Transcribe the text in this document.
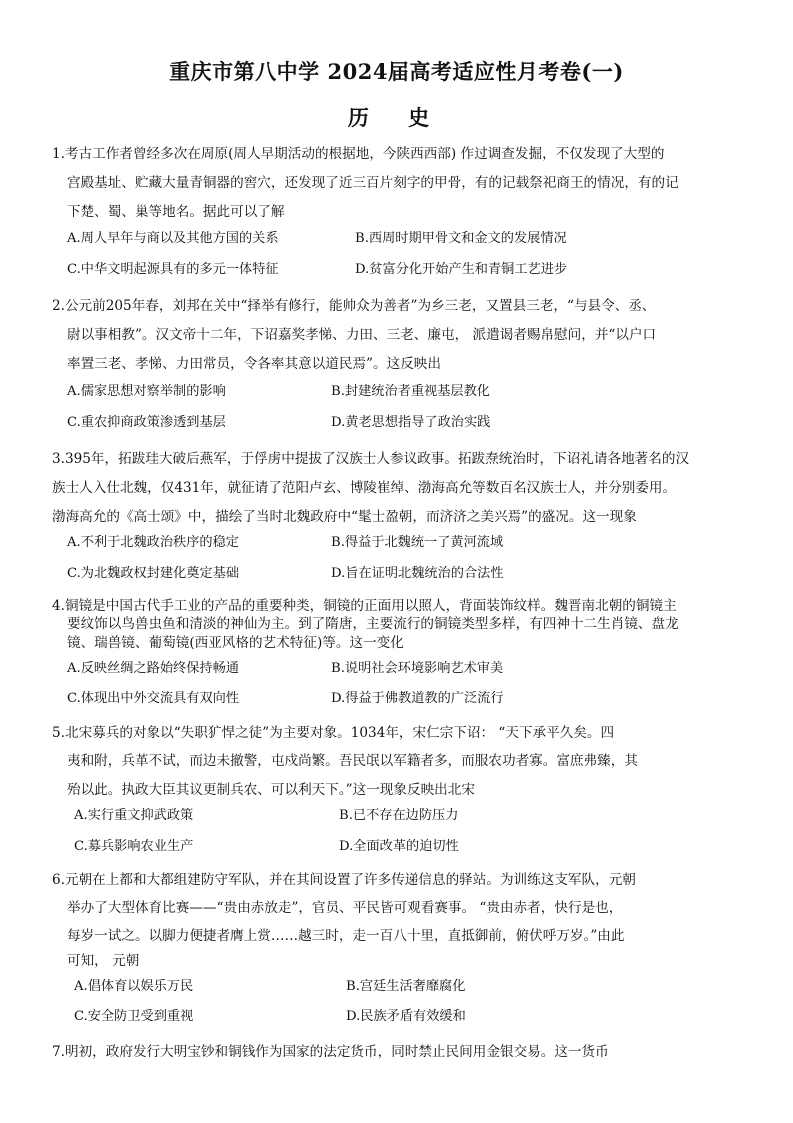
重庆市第八中学 2024届高考适应性月考卷(一)
历 史
1.考古工作者曾经多次在周原(周人早期活动的根据地，今陕西西部) 作过调查发掘，不仅发现了大型的
宫殿基址、贮藏大量青铜器的窖穴，还发现了近三百片刻字的甲骨，有的记载祭祀商王的情况，有的记
下楚、蜀、巢等地名。据此可以了解
A.周人早年与商以及其他方国的关系	B.西周时期甲骨文和金文的发展情况
C.中华文明起源具有的多元一体特征	D.贫富分化开始产生和青铜工艺进步
2.公元前205年春，刘邦在关中“择举有修行，能帅众为善者”为乡三老，又置县三老，“与县令、丞、
尉以事相教”。汉文帝十二年，下诏嘉奖孝悌、力田、三老、廉屯， 派遣谒者赐帛慰问，并“以户口
率置三老、孝悌、力田常员，令各率其意以道民焉”。这反映出
A.儒家思想对察举制的影响	B.封建统治者重视基层教化
C.重农抑商政策渗透到基层	D.黄老思想指导了政治实践
3.395年，拓跋珪大破后燕军，于俘虏中提拔了汉族士人参议政事。拓跋焘统治时，下诏礼请各地著名的汉
族士人入仕北魏，仅431年，就征请了范阳卢玄、博陵崔绰、渤海高允等数百名汉族士人，并分别委用。
渤海高允的《高士颂》中，描绘了当时北魏政府中“髦士盈朝，而济济之美兴焉”的盛况。这一现象
A.不利于北魏政治秩序的稳定	B.得益于北魏统一了黄河流域
C.为北魏政权封建化奠定基础	D.旨在证明北魏统治的合法性
4.铜镜是中国古代手工业的产品的重要种类，铜镜的正面用以照人，背面装饰纹样。魏晋南北朝的铜镜主
要纹饰以鸟兽虫鱼和清淡的神仙为主。到了隋唐，主要流行的铜镜类型多样，有四神十二生肖镜、盘龙
镜、瑞兽镜、葡萄镜(西亚风格的艺术特征)等。这一变化
A.反映丝绸之路始终保持畅通	B.说明社会环境影响艺术审美
C.体现出中外交流具有双向性	D.得益于佛教道教的广泛流行
5.北宋募兵的对象以“失职犷悍之徒”为主要对象。1034年，宋仁宗下诏： “天下承平久矣。四
夷和附，兵革不试，而边未撤警，屯戍尚繁。吾民氓以军籍者多，而服农功者寡。富庶弗臻，其
殆以此。执政大臣其议更制兵农、可以利天下。”这一现象反映出北宋
A.实行重文抑武政策	B.已不存在边防压力
C.募兵影响农业生产	D.全面改革的迫切性
6.元朝在上都和大都组建防守军队，并在其间设置了许多传递信息的驿站。为训练这支军队，元朝
举办了大型体育比赛——“贵由赤放走”，官员、平民皆可观看赛事。 “贵由赤者，快行是也，
每岁一试之。以脚力便捷者膺上赏……越三时，走一百八十里，直抵御前，俯伏呼万岁。”由此
可知， 元朝
A.倡体育以娱乐万民	B.宫廷生活奢靡腐化
C.安全防卫受到重视	D.民族矛盾有效缓和
7.明初，政府发行大明宝钞和铜钱作为国家的法定货币，同时禁止民间用金银交易。这一货币
